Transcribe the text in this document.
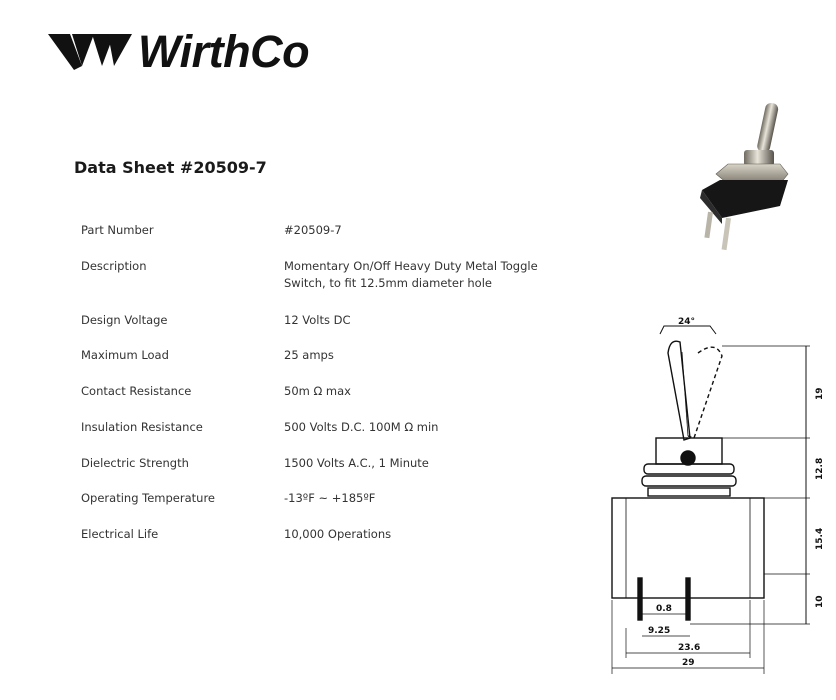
WirthCo
Data Sheet #20509-7
Part Number	#20509-7
Description	Momentary On/Off Heavy Duty Metal Toggle Switch, to fit 12.5mm diameter hole
Design Voltage	12 Volts DC
Maximum Load	25 amps
Contact Resistance	50m Ω max
Insulation Resistance	500 Volts D.C. 100M Ω min
Dielectric Strength	1500 Volts A.C., 1 Minute
Operating Temperature	-13ºF ~ +185ºF
Electrical Life	10,000 Operations
24°
19
12.8
15.4
10
0.8
9.25
23.6
29
